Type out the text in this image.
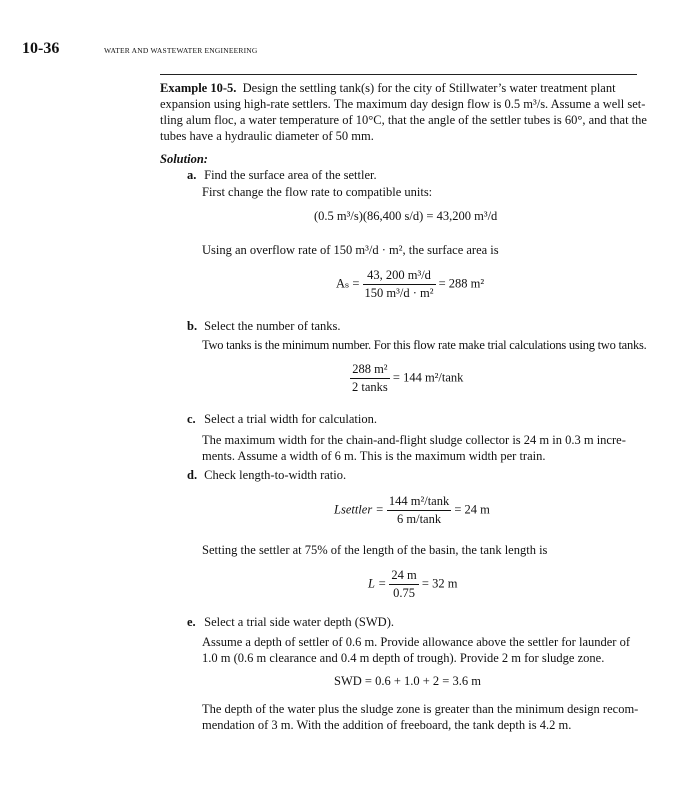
10-36	WATER AND WASTEWATER ENGINEERING
Example 10-5. Design the settling tank(s) for the city of Stillwater’s water treatment plant
expansion using high-rate settlers. The maximum day design flow is 0.5 m³/s. Assume a well set-
tling alum floc, a water temperature of 10°C, that the angle of the settler tubes is 60°, and that the
tubes have a hydraulic diameter of 50 mm.
Solution:
a. Find the surface area of the settler.
First change the flow rate to compatible units:
(0.5 m³/s)(86,400 s/d) = 43,200 m³/d
Using an overflow rate of 150 m³/d · m², the surface area is
$A_s = \frac{\text{43, 200 m³/d}}{\text{150 m³/d · m²}} = 288$ m²
b. Select the number of tanks.
Two tanks is the minimum number. For this flow rate make trial calculations using two tanks.
$\frac{\text{288 m²}}{\text{2 tanks}} = 144$ m²/tank
c. Select a trial width for calculation.
The maximum width for the chain-and-flight sludge collector is 24 m in 0.3 m incre-
ments. Assume a width of 6 m. This is the maximum width per train.
d. Check length-to-width ratio.
Lsettler = $\frac{\text{144 m²/tank}}{6 m/\tan k} = 24$ m
Setting the settler at 75% of the length of the basin, the tank length is
$L = \frac{24 m}{0.75} = 32$ m
e. Select a trial side water depth (SWD).
Assume a depth of settler of 0.6 m. Provide allowance above the settler for launder of
1.0 m (0.6 m clearance and 0.4 m depth of trough). Provide 2 m for sludge zone.
SWD = 0.6 + 1.0 + 2 = 3.6 m
The depth of the water plus the sludge zone is greater than the minimum design recom-
mendation of 3 m. With the addition of freeboard, the tank depth is 4.2 m.
